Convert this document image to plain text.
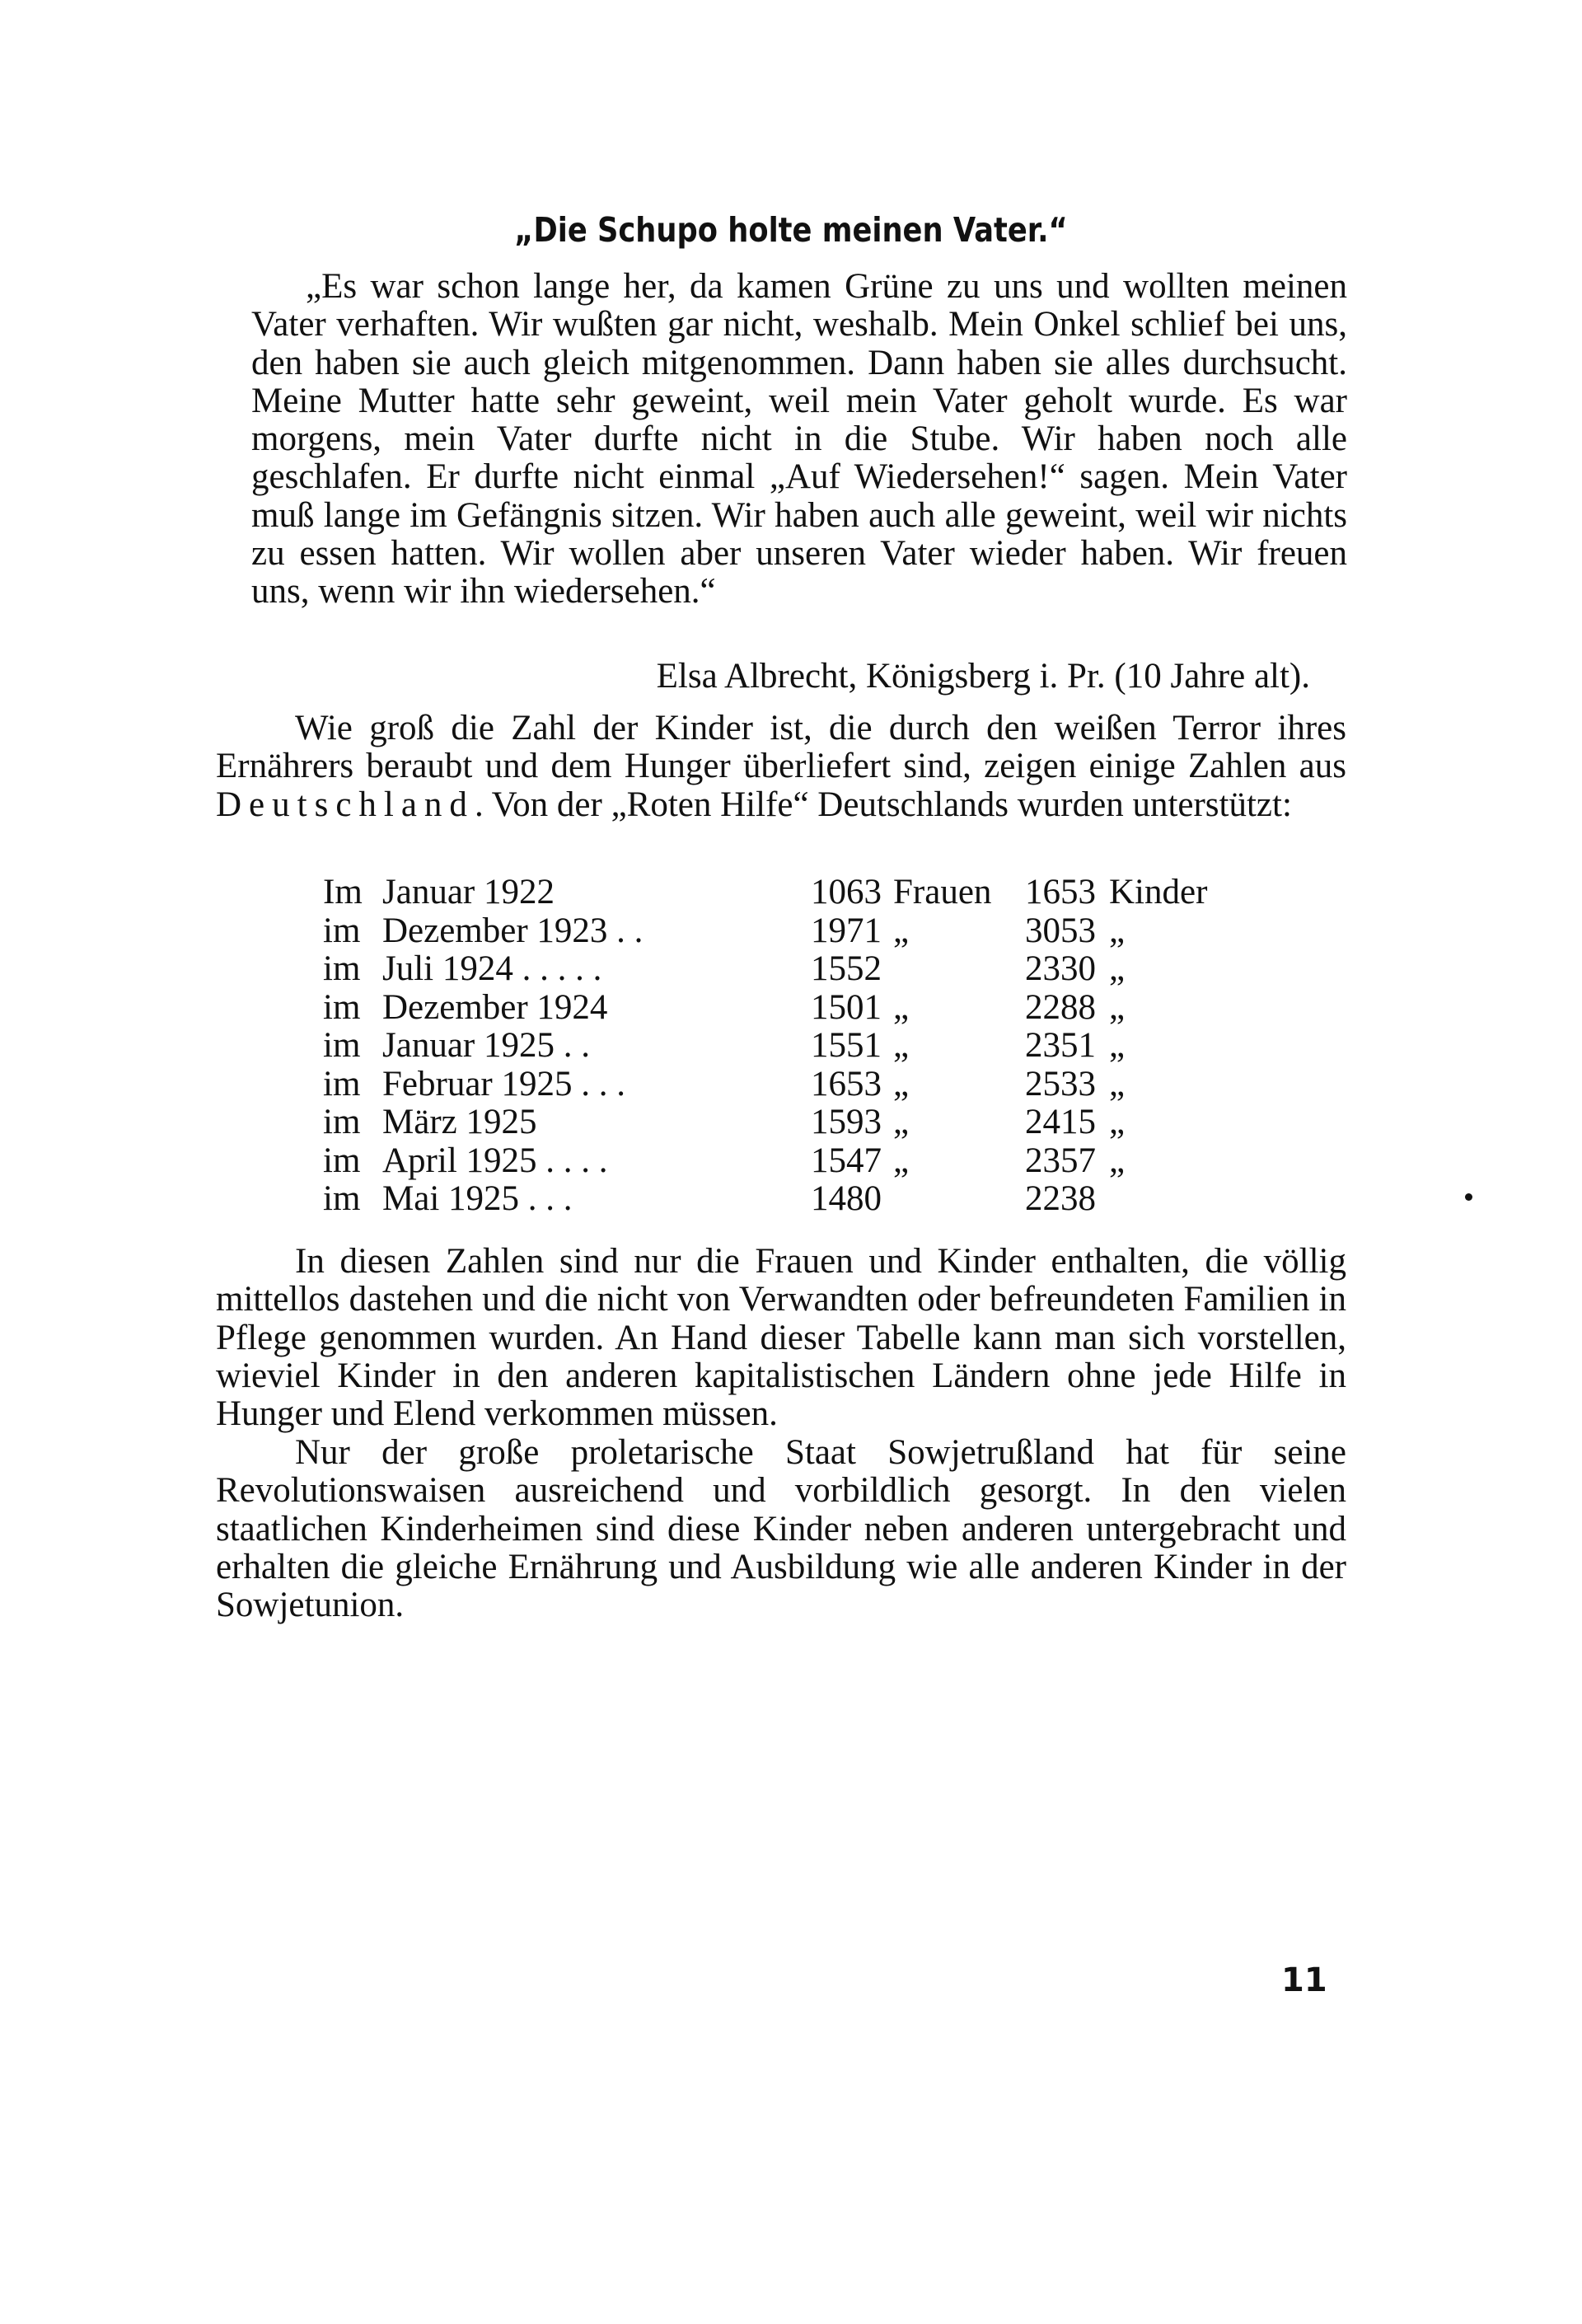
„Die Schupo holte meinen Vater.“

„Es war schon lange her, da kamen Grüne zu uns und wollten meinen Vater verhaften. Wir wußten gar nicht, weshalb. Mein Onkel schlief bei uns, den haben sie auch gleich mitgenommen. Dann haben sie alles durchsucht. Meine Mutter hatte sehr geweint, weil mein Vater geholt wurde. Es war morgens, mein Vater durfte nicht in die Stube. Wir haben noch alle geschlafen. Er durfte nicht einmal „Auf Wiedersehen!“ sagen. Mein Vater muß lange im Gefängnis sitzen. Wir haben auch alle geweint, weil wir nichts zu essen hatten. Wir wollen aber unseren Vater wieder haben. Wir freuen uns, wenn wir ihn wiedersehen.“

Elsa Albrecht, Königsberg i. Pr. (10 Jahre alt).

Wie groß die Zahl der Kinder ist, die durch den weißen Terror ihres Ernährers beraubt und dem Hunger überliefert sind, zeigen einige Zahlen aus Deutschland. Von der „Roten Hilfe“ Deutschlands wurden unterstützt:

Im	Januar 1922	1063	Frauen	1653	Kinder
im	Dezember 1923 . .	1971	„	3053	„
im	Juli 1924 . . . . .	1552		2330	„
im	Dezember 1924	1501	„	2288	„
im	Januar 1925 . .	1551	„	2351	„
im	Februar 1925 . . .	1653	„	2533	„
im	März 1925	1593	„	2415	„
im	April 1925 . . . .	1547	„	2357	„
im	Mai 1925 . . .	1480		2238	

In diesen Zahlen sind nur die Frauen und Kinder enthalten, die völlig mittellos dastehen und die nicht von Verwandten oder befreundeten Familien in Pflege genommen wurden. An Hand dieser Tabelle kann man sich vorstellen, wieviel Kinder in den anderen kapitalistischen Ländern ohne jede Hilfe in Hunger und Elend verkommen müssen.

Nur der große proletarische Staat Sowjetrußland hat für seine Revolutionswaisen ausreichend und vorbildlich gesorgt. In den vielen staatlichen Kinderheimen sind diese Kinder neben anderen untergebracht und erhalten die gleiche Ernährung und Ausbildung wie alle anderen Kinder in der Sowjetunion.

11
